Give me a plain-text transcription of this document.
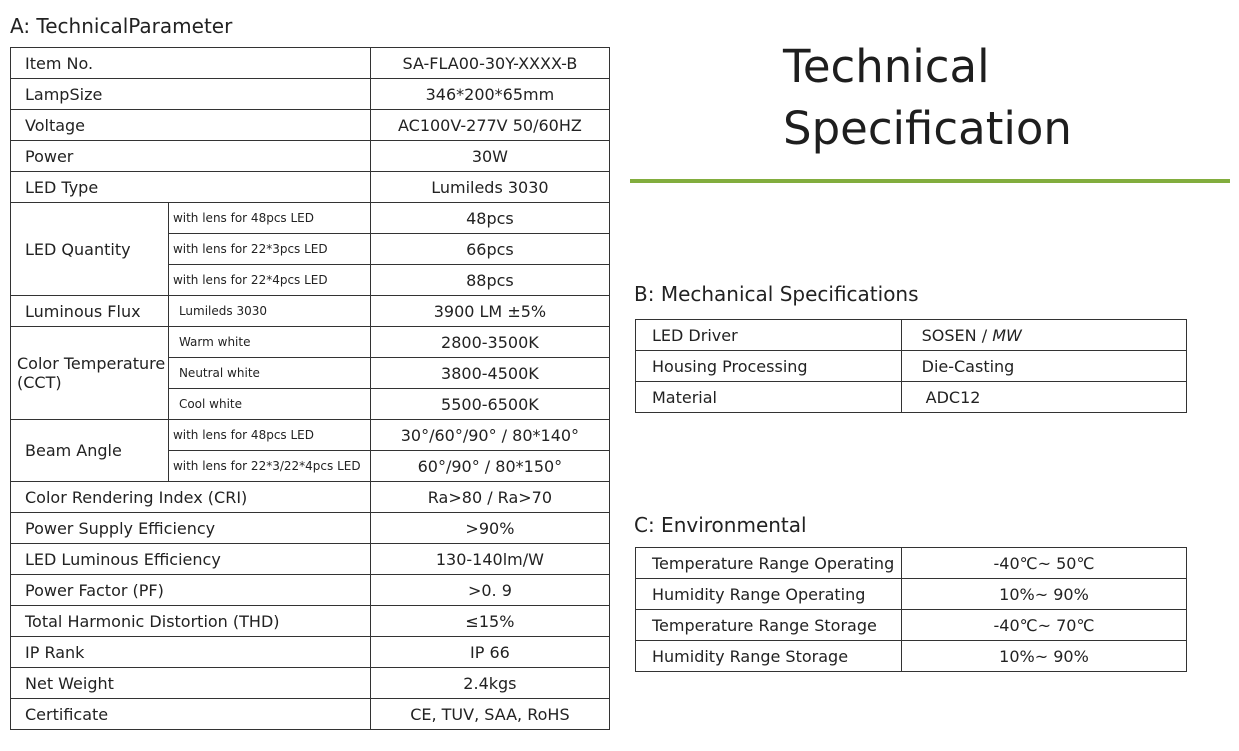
A: TechnicalParameter
Item No.		SA-FLA00-30Y-XXXX-B
LampSize		346*200*65mm
Voltage		AC100V-277V 50/60HZ
Power		30W
LED Type		Lumileds 3030
LED Quantity	with lens for 48pcs LED	48pcs
	with lens for 22*3pcs LED	66pcs
	with lens for 22*4pcs LED	88pcs
Luminous Flux	Lumileds 3030	3900 LM ±5%

Color Temperature
(CCT)	Warm white	2800-3500K
	Neutral white	3800-4500K
	Cool white	5500-6500K
Beam Angle	with lens for 48pcs LED	30°/60°/90° / 80*140°
	with lens for 22*3/22*4pcs LED	60°/90° / 80*150°
Color Rendering Index (CRI)		Ra>80 / Ra>70
Power Supply Efficiency		>90%
LED Luminous Efficiency		130-140lm/W
Power Factor (PF)		>0. 9
Total Harmonic Distortion (THD)		≤15%
IP Rank		IP 66
Net Weight		2.4kgs
Certificate		CE, TUV, SAA, RoHS
Technical
Specification
B: Mechanical Specifications
LED Driver	SOSEN / MW
Housing Processing	Die-Casting
Material	ADC12
C: Environmental
Temperature Range Operating	-40℃~ 50℃
Humidity Range Operating	10%~ 90%
Temperature Range Storage	-40℃~ 70℃
Humidity Range Storage	10%~ 90%
